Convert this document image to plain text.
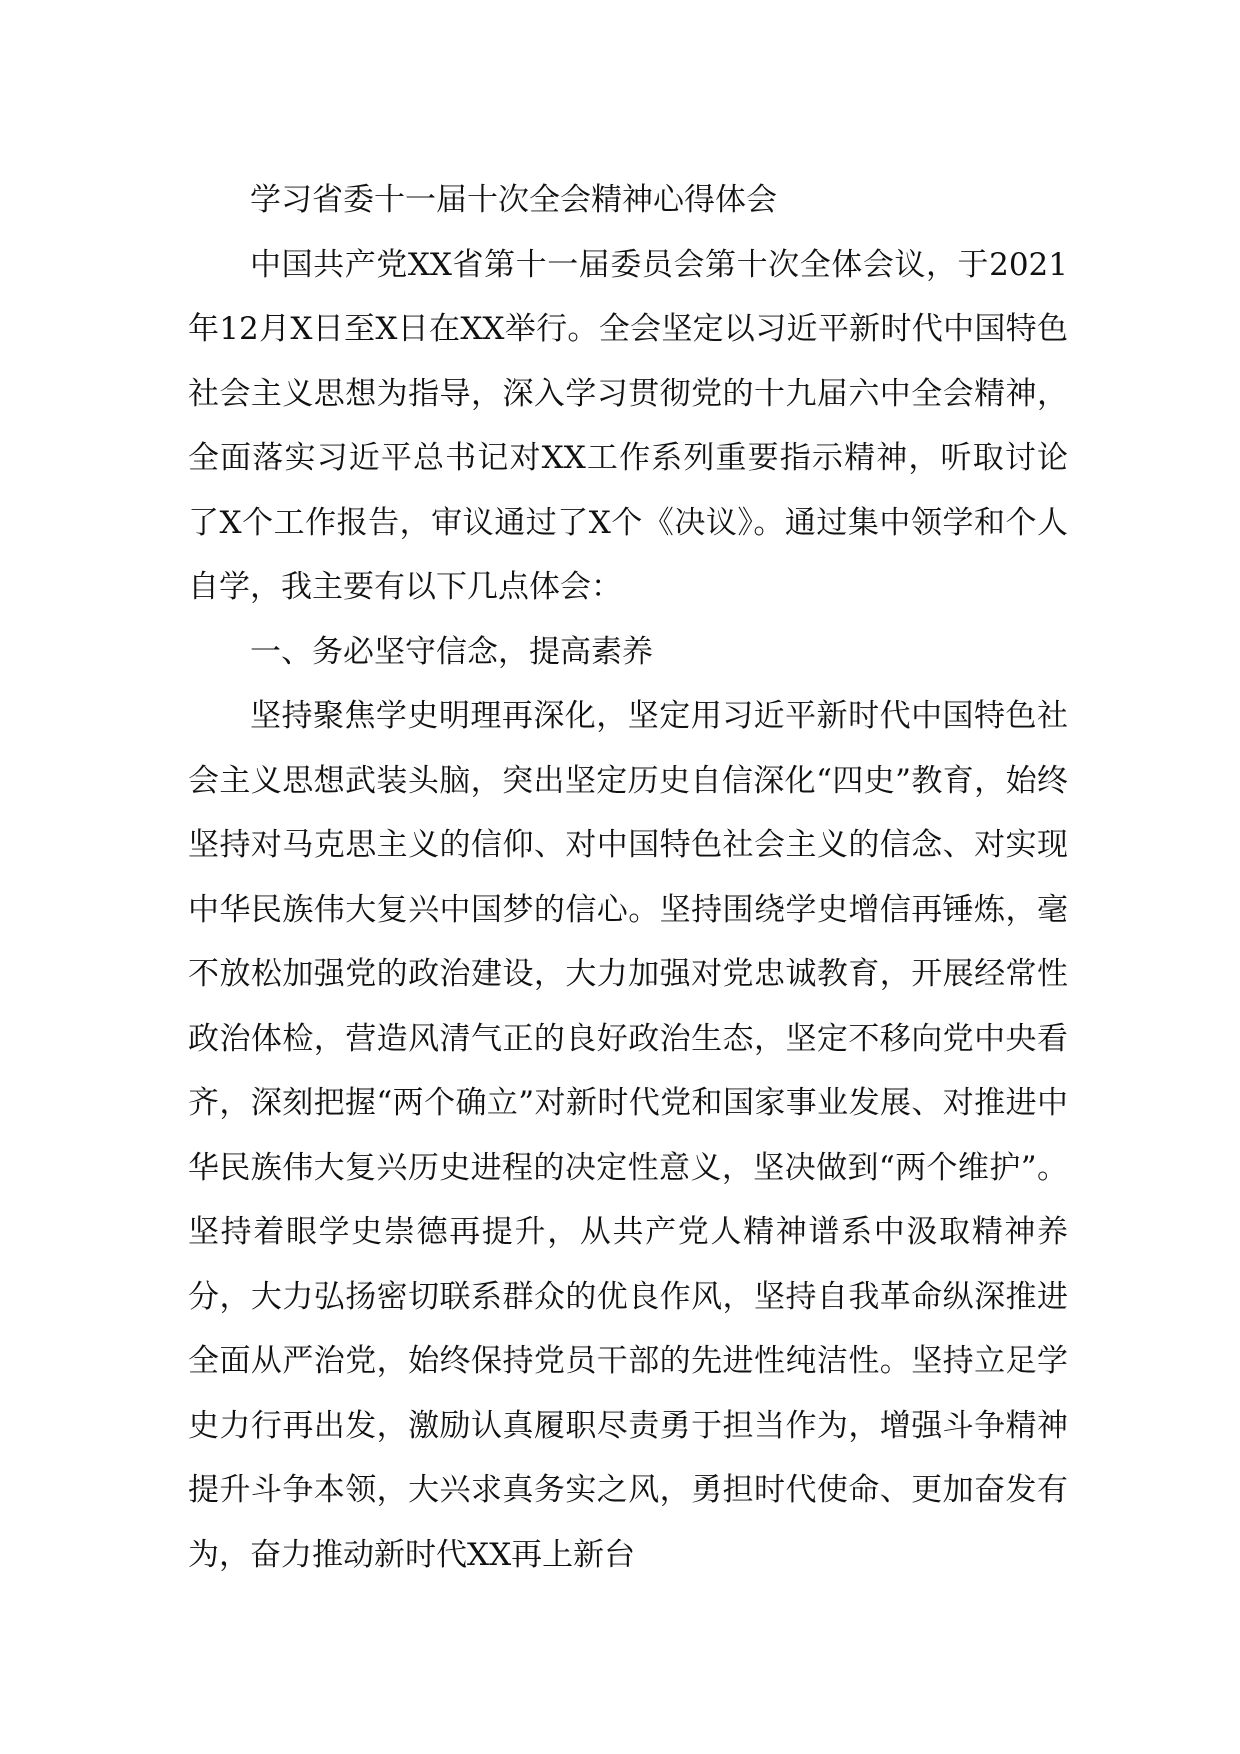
学习省委十一届十次全会精神心得体会

中国共产党XX省第十一届委员会第十次全体会议，于2021年12月X日至X日在XX举行。全会坚定以习近平新时代中国特色社会主义思想为指导，深入学习贯彻党的十九届六中全会精神，全面落实习近平总书记对XX工作系列重要指示精神，听取讨论了X个工作报告，审议通过了X个《决议》。通过集中领学和个人自学，我主要有以下几点体会：

一、务必坚守信念，提高素养

坚持聚焦学史明理再深化，坚定用习近平新时代中国特色社会主义思想武装头脑，突出坚定历史自信深化“四史”教育，始终坚持对马克思主义的信仰、对中国特色社会主义的信念、对实现中华民族伟大复兴中国梦的信心。坚持围绕学史增信再锤炼，毫不放松加强党的政治建设，大力加强对党忠诚教育，开展经常性政治体检，营造风清气正的良好政治生态，坚定不移向党中央看齐，深刻把握“两个确立”对新时代党和国家事业发展、对推进中华民族伟大复兴历史进程的决定性意义，坚决做到“两个维护”。坚持着眼学史崇德再提升，从共产党人精神谱系中汲取精神养分，大力弘扬密切联系群众的优良作风，坚持自我革命纵深推进全面从严治党，始终保持党员干部的先进性纯洁性。坚持立足学史力行再出发，激励认真履职尽责勇于担当作为，增强斗争精神提升斗争本领，大兴求真务实之风，勇担时代使命、更加奋发有为，奋力推动新时代XX再上新台
